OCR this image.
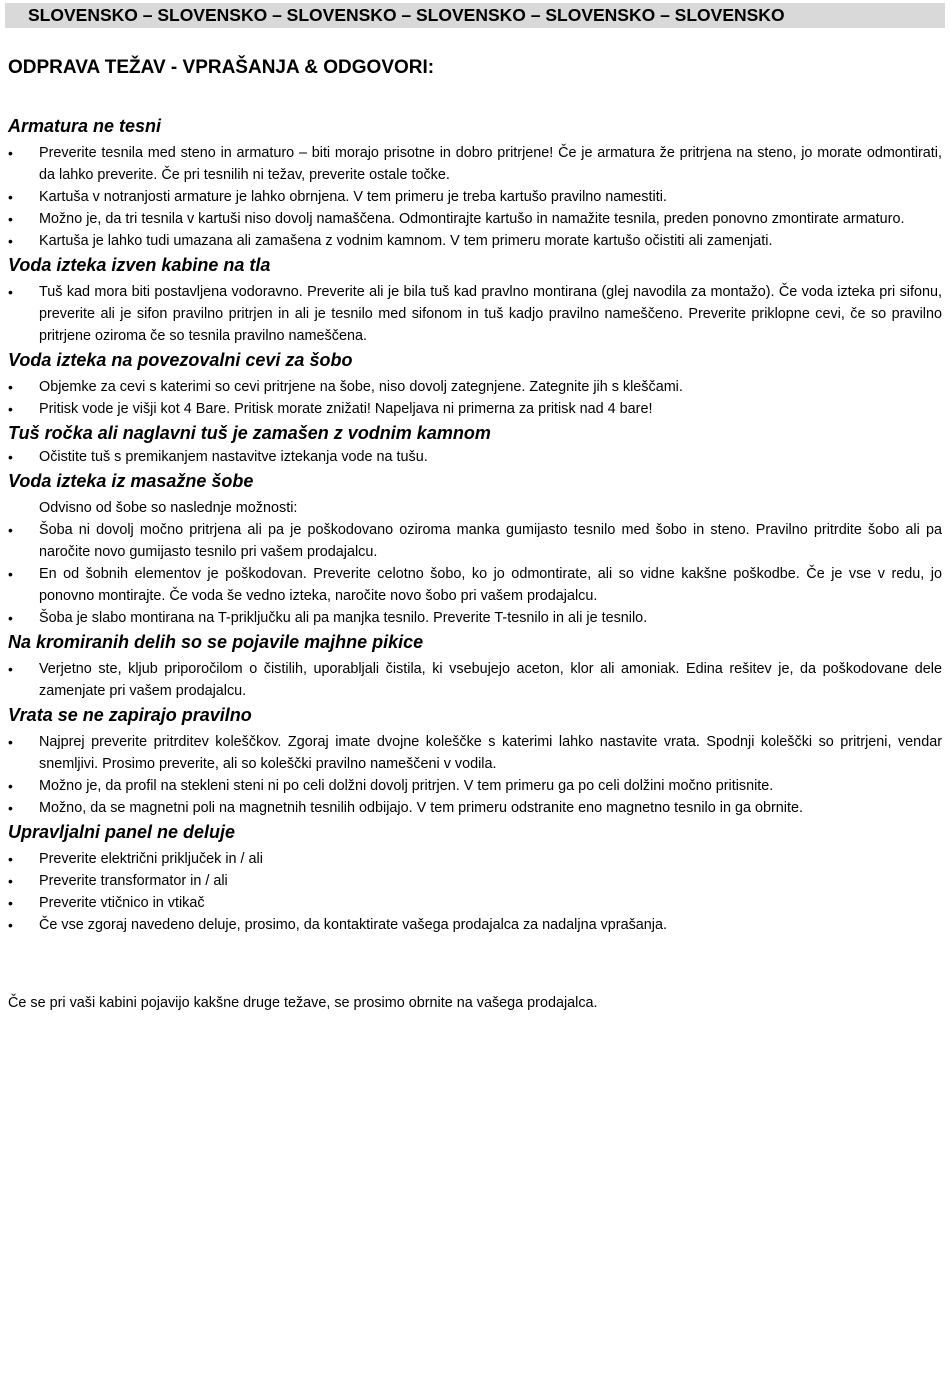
SLOVENSKO – SLOVENSKO – SLOVENSKO – SLOVENSKO – SLOVENSKO – SLOVENSKO
ODPRAVA TEŽAV - VPRAŠANJA & ODGOVORI:
Armatura ne tesni
• Preverite tesnila med steno in armaturo – biti morajo prisotne in dobro pritrjene! Če je armatura že pritrjena na steno, jo morate odmontirati, da lahko preverite. Če pri tesnilih ni težav, preverite ostale točke.
• Kartuša v notranjosti armature je lahko obrnjena. V tem primeru je treba kartušo pravilno namestiti.
• Možno je, da tri tesnila v kartuši niso dovolj namaščena. Odmontirajte kartušo in namažite tesnila, preden ponovno zmontirate armaturo.
• Kartuša je lahko tudi umazana ali zamašena z vodnim kamnom. V tem primeru morate kartušo očistiti ali zamenjati.
Voda izteka izven kabine na tla
• Tuš kad mora biti postavljena vodoravno. Preverite ali je bila tuš kad pravlno montirana (glej navodila za montažo). Če voda izteka pri sifonu, preverite ali je sifon pravilno pritrjen in ali je tesnilo med sifonom in tuš kadjo pravilno nameščeno. Preverite priklopne cevi, če so pravilno pritrjene oziroma če so tesnila pravilno nameščena.
Voda izteka na povezovalni cevi za šobo
• Objemke za cevi s katerimi so cevi pritrjene na šobe, niso dovolj zategnjene. Zategnite jih s kleščami.
• Pritisk vode je višji kot 4 Bare. Pritisk morate znižati! Napeljava ni primerna za pritisk nad 4 bare!
Tuš ročka ali naglavni tuš je zamašen z vodnim kamnom
• Očistite tuš s premikanjem nastavitve iztekanja vode na tušu.
Voda izteka iz masažne šobe
Odvisno od šobe so naslednje možnosti:
• Šoba ni dovolj močno pritrjena ali pa je poškodovano oziroma manka gumijasto tesnilo med šobo in steno. Pravilno pritrdite šobo ali pa naročite novo gumijasto tesnilo pri vašem prodajalcu.
• En od šobnih elementov je poškodovan. Preverite celotno šobo, ko jo odmontirate, ali so vidne kakšne poškodbe. Če je vse v redu, jo ponovno montirajte. Če voda še vedno izteka, naročite novo šobo pri vašem prodajalcu.
• Šoba je slabo montirana na T-priključku ali pa manjka tesnilo. Preverite T-tesnilo in ali je tesnilo.
Na kromiranih delih so se pojavile majhne pikice
• Verjetno ste, kljub priporočilom o čistilih, uporabljali čistila, ki vsebujejo aceton, klor ali amoniak. Edina rešitev je, da poškodovane dele zamenjate pri vašem prodajalcu.
Vrata se ne zapirajo pravilno
• Najprej preverite pritrditev koleščkov. Zgoraj imate dvojne koleščke s katerimi lahko nastavite vrata. Spodnji koleščki so pritrjeni, vendar snemljivi. Prosimo preverite, ali so koleščki pravilno nameščeni v vodila.
• Možno je, da profil na stekleni steni ni po celi dolžni dovolj pritrjen. V tem primeru ga po celi dolžini močno pritisnite.
• Možno, da se magnetni poli na magnetnih tesnilih odbijajo. V tem primeru odstranite eno magnetno tesnilo in ga obrnite.
Upravljalni panel ne deluje
• Preverite električni priključek in / ali
• Preverite transformator in / ali
• Preverite vtičnico in vtikač
• Če vse zgoraj navedeno deluje, prosimo, da kontaktirate vašega prodajalca za nadaljna vprašanja.
Če se pri vaši kabini pojavijo kakšne druge težave, se prosimo obrnite na vašega prodajalca.
